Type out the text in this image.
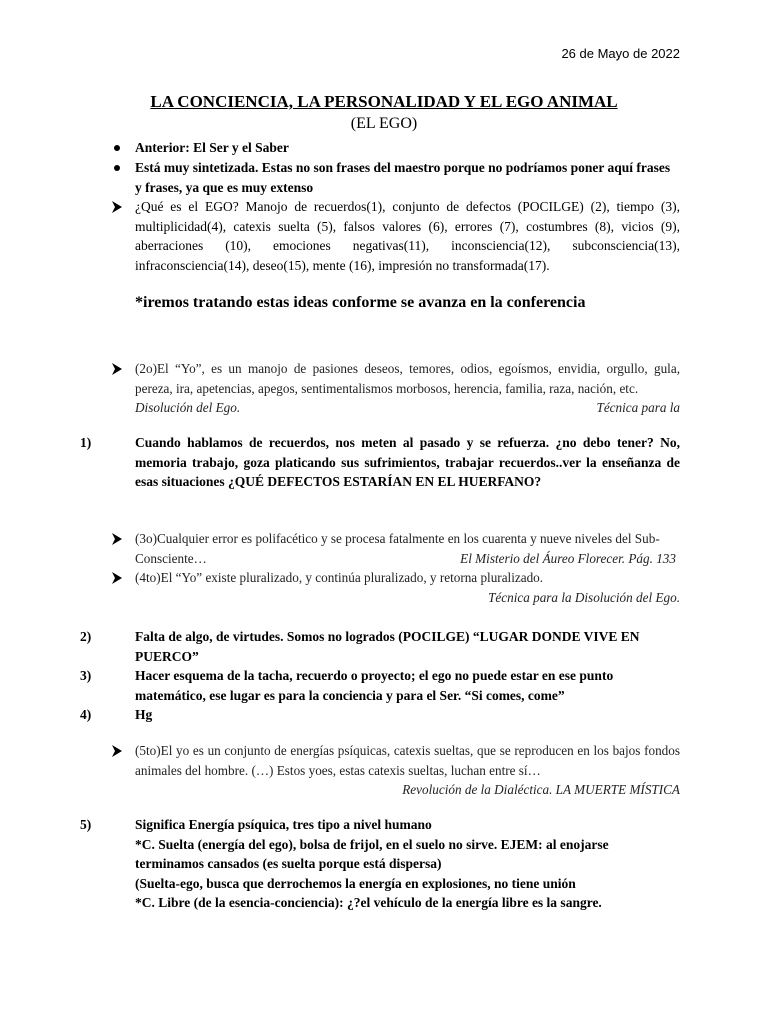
26 de Mayo de 2022
LA CONCIENCIA, LA PERSONALIDAD Y EL EGO ANIMAL
(EL EGO)
Anterior: El Ser y el Saber
Está muy sintetizada. Estas no son frases del maestro porque no podríamos poner aquí frases y frases, ya que es muy extenso
¿Qué es el EGO? Manojo de recuerdos(1), conjunto de defectos (POCILGE) (2), tiempo (3), multiplicidad(4), catexis suelta (5), falsos valores (6), errores (7), costumbres (8), vicios (9), aberraciones (10), emociones negativas(11), inconsciencia(12), subconsciencia(13), infraconsciencia(14), deseo(15), mente (16), impresión no transformada(17).
*iremos tratando estas ideas conforme se avanza en la conferencia
(2o)El “Yo”, es un manojo de pasiones deseos, temores, odios, egoísmos, envidia, orgullo, gula, pereza, ira, apetencias, apegos, sentimentalismos morbosos, herencia, familia, raza, nación, etc.
Técnica para la
Disolución del Ego.
1)	Cuando hablamos de recuerdos, nos meten al pasado y se refuerza. ¿no debo tener? No, memoria trabajo, goza platicando sus sufrimientos, trabajar recuerdos..ver la enseñanza de esas situaciones ¿QUÉ DEFECTOS ESTARÍAN EN EL HUERFANO?
(3o)Cualquier error es polifacético y se procesa fatalmente en los cuarenta y nueve niveles del Sub-Consciente…	El Misterio del Áureo Florecer. Pág. 133
(4to)El “Yo” existe pluralizado, y continúa pluralizado, y retorna pluralizado.
Técnica para la Disolución del Ego.
2)	Falta de algo, de virtudes. Somos no logrados (POCILGE) “LUGAR DONDE VIVE EN PUERCO”
3)	Hacer esquema de la tacha, recuerdo o proyecto; el ego no puede estar en ese punto matemático, ese lugar es para la conciencia y para el Ser. “Si comes, come”
4)	Hg
(5to)El yo es un conjunto de energías psíquicas, catexis sueltas, que se reproducen en los bajos fondos animales del hombre. (…) Estos yoes, estas catexis sueltas, luchan entre sí…
Revolución de la Dialéctica. LA MUERTE MÍSTICA
5)	Significa Energía psíquica, tres tipo a nivel humano
*C. Suelta (energía del ego), bolsa de frijol, en el suelo no sirve. EJEM: al enojarse terminamos cansados (es suelta porque está dispersa)
(Suelta-ego, busca que derrochemos la energía en explosiones, no tiene unión
*C. Libre (de la esencia-conciencia): ¿?el vehículo de la energía libre es la sangre.
